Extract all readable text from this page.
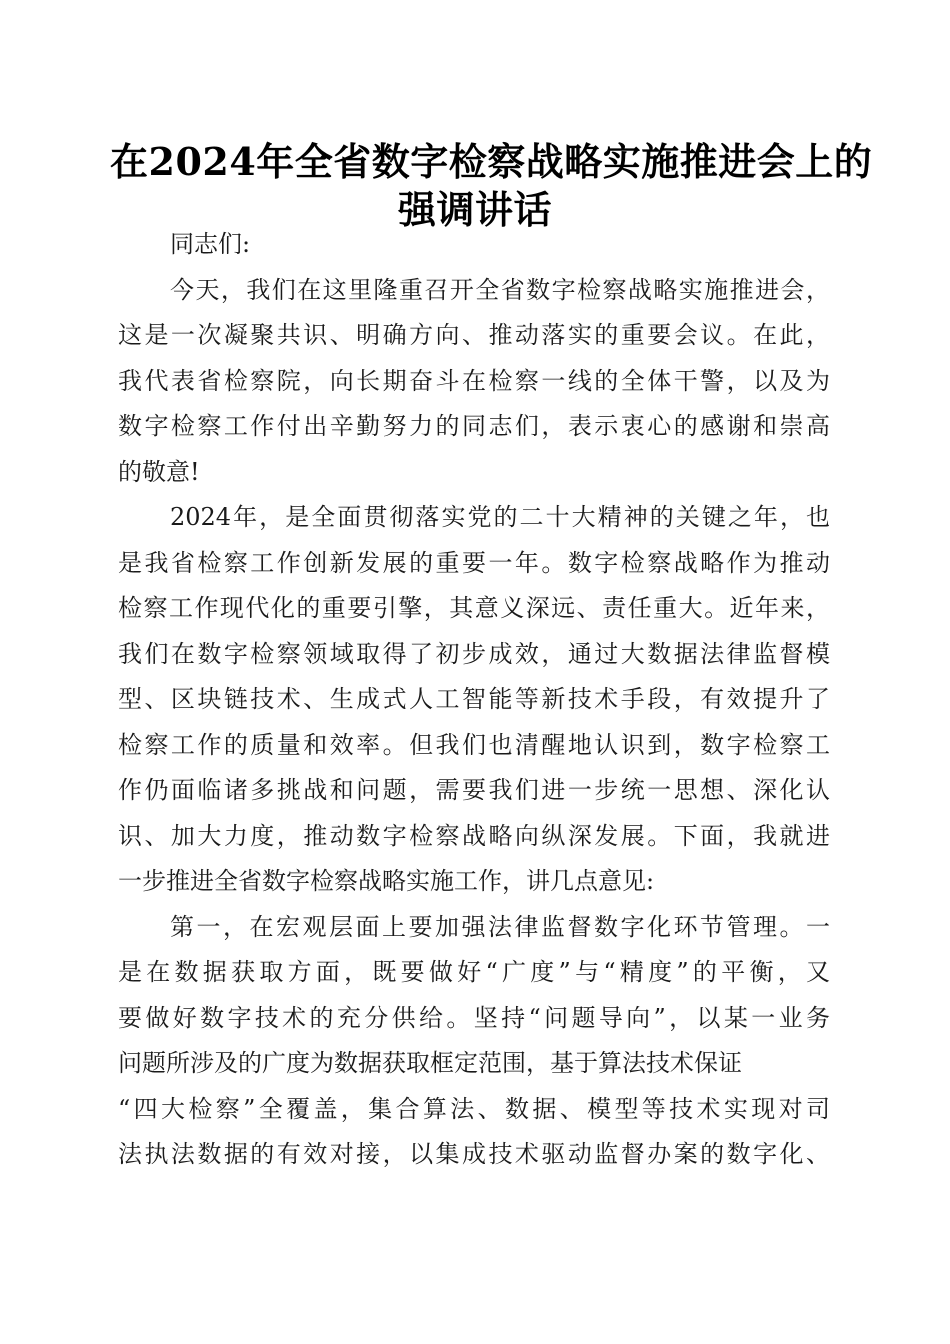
在2024年全省数字检察战略实施推进会上的
强调讲话
同志们:
今天，我们在这里隆重召开全省数字检察战略实施推进会，
这是一次凝聚共识、明确方向、推动落实的重要会议。在此，
我代表省检察院，向长期奋斗在检察一线的全体干警，以及为
数字检察工作付出辛勤努力的同志们，表示衷心的感谢和崇高
的敬意!
2024年，是全面贯彻落实党的二十大精神的关键之年，也
是我省检察工作创新发展的重要一年。数字检察战略作为推动
检察工作现代化的重要引擎，其意义深远、责任重大。近年来，
我们在数字检察领域取得了初步成效，通过大数据法律监督模
型、区块链技术、生成式人工智能等新技术手段，有效提升了
检察工作的质量和效率。但我们也清醒地认识到，数字检察工
作仍面临诸多挑战和问题，需要我们进一步统一思想、深化认
识、加大力度，推动数字检察战略向纵深发展。下面，我就进
一步推进全省数字检察战略实施工作，讲几点意见:
第一，在宏观层面上要加强法律监督数字化环节管理。一
是在数据获取方面，既要做好“广度”与“精度”的平衡，又
要做好数字技术的充分供给。坚持“问题导向”，以某一业务
问题所涉及的广度为数据获取框定范围，基于算法技术保证
“四大检察”全覆盖，集合算法、数据、模型等技术实现对司
法执法数据的有效对接，以集成技术驱动监督办案的数字化、
